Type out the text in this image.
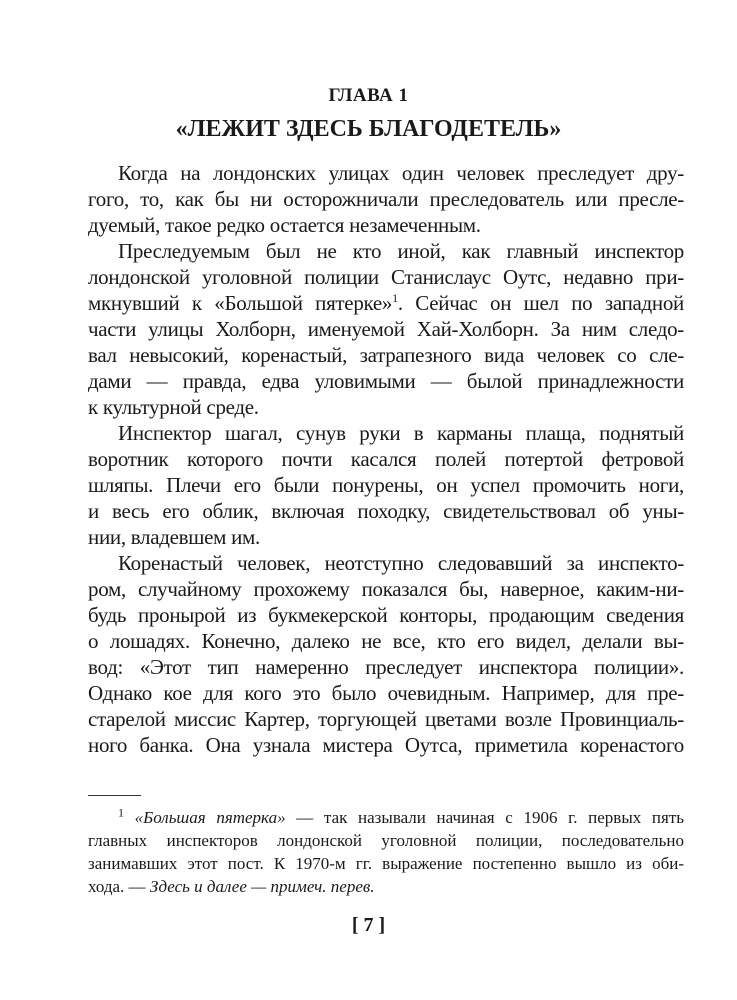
ГЛАВА 1
«ЛЕЖИТ ЗДЕСЬ БЛАГОДЕТЕЛЬ»
Когда на лондонских улицах один человек преследует дру-
гого, то, как бы ни осторожничали преследователь или пресле-
дуемый, такое редко остается незамеченным.
Преследуемым был не кто иной, как главный инспектор
лондонской уголовной полиции Станислаус Оутс, недавно при-
мкнувший к «Большой пятерке»$^1$. Сейчас он шел по западной
части улицы Холборн, именуемой Хай-Холборн. За ним следо-
вал невысокий, коренастый, затрапезного вида человек со сле-
дами — правда, едва уловимыми — былой принадлежности
к культурной среде.
Инспектор шагал, сунув руки в карманы плаща, поднятый
воротник которого почти касался полей потертой фетровой
шляпы. Плечи его были понурены, он успел промочить ноги,
и весь его облик, включая походку, свидетельствовал об уны-
нии, владевшем им.
Коренастый человек, неотступно следовавший за инспекто-
ром, случайному прохожему показался бы, наверное, каким-ни-
будь пронырой из букмекерской конторы, продающим сведения
о лошадях. Конечно, далеко не все, кто его видел, делали вы-
вод: «Этот тип намеренно преследует инспектора полиции».
Однако кое для кого это было очевидным. Например, для пре-
старелой миссис Картер, торгующей цветами возле Провинциаль-
ного банка. Она узнала мистера Оутса, приметила коренастого
$^1$ «Большая пятерка» — так называли начиная с 1906 г. первых пять
главных инспекторов лондонской уголовной полиции, последовательно
занимавших этот пост. К 1970-м гг. выражение постепенно вышло из оби-
хода. — Здесь и далее — примеч. перев.
[ 7 ]
